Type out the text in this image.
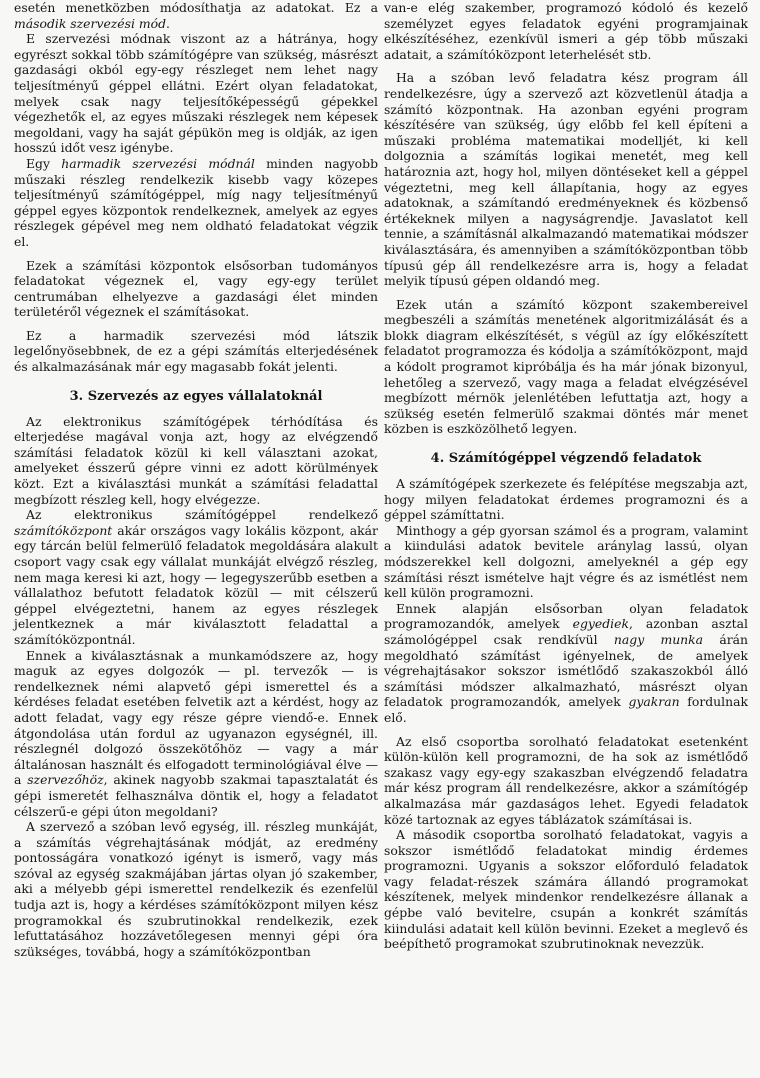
esetén menetközben módosíthatja az adatokat. Ez a második szervezési mód.

E szervezési módnak viszont az a hátránya, hogy egyrészt sokkal több számítógépre van szükség, másrészt gazdasági okból egy-egy részleget nem lehet nagy teljesítményű géppel ellátni. Ezért olyan feladatokat, melyek csak nagy teljesítőképességű gépekkel végezhetők el, az egyes műszaki részlegek nem képesek megoldani, vagy ha saját gépükön meg is oldják, az igen hosszú időt vesz igénybe.

Egy harmadik szervezési módnál minden nagyobb műszaki részleg rendelkezik kisebb vagy közepes teljesítményű számítógéppel, míg nagy teljesítményű géppel egyes központok rendelkeznek, amelyek az egyes részlegek gépével meg nem oldható feladatokat végzik el.

Ezek a számítási központok elsősorban tudományos feladatokat végeznek el, vagy egy-egy terület centrumában elhelyezve a gazdasági élet minden területéről végeznek el számításokat.

Ez a harmadik szervezési mód látszik legelőnyösebbnek, de ez a gépi számítás elterjedésének és alkalmazásának már egy magasabb fokát jelenti.

3. Szervezés az egyes vállalatoknál

Az elektronikus számítógépek térhódítása és elterjedése magával vonja azt, hogy az elvégzendő számítási feladatok közül ki kell választani azokat, amelyeket ésszerű gépre vinni ez adott körülmények közt. Ezt a kiválasztási munkát a számítási feladattal megbízott részleg kell, hogy elvégezze.

Az elektronikus számítógéppel rendelkező számítóközpont akár országos vagy lokális központ, akár egy tárcán belül felmerülő feladatok megoldására alakult csoport vagy csak egy vállalat munkáját elvégző részleg, nem maga keresi ki azt, hogy — legegyszerűbb esetben a vállalathoz befutott feladatok közül — mit célszerű géppel elvégeztetni, hanem az egyes részlegek jelentkeznek a már kiválasztott feladattal a számítóközpontnál.

Ennek a kiválasztásnak a munkamódszere az, hogy maguk az egyes dolgozók — pl. tervezők — is rendelkeznek némi alapvető gépi ismerettel és a kérdéses feladat esetében felvetik azt a kérdést, hogy az adott feladat, vagy egy része gépre viendő-e. Ennek átgondolása után fordul az ugyanazon egységnél, ill. részlegnél dolgozó összekötőhöz — vagy a már általánosan használt és elfogadott terminológiával élve — a szervezőhöz, akinek nagyobb szakmai tapasztalatát és gépi ismeretét felhasználva döntik el, hogy a feladatot célszerű-e gépi úton megoldani?

A szervező a szóban levő egység, ill. részleg munkáját, a számítás végrehajtásának módját, az eredmény pontosságára vonatkozó igényt is ismerő, vagy más szóval az egység szakmájában jártas olyan jó szakember, aki a mélyebb gépi ismerettel rendelkezik és ezenfelül tudja azt is, hogy a kérdéses számítóközpont milyen kész programokkal és szubrutinokkal rendelkezik, ezek lefuttatásához hozzávetőlegesen mennyi gépi óra szükséges, továbbá, hogy a számítóközpontban

van-e elég szakember, programozó kódoló és kezelő személyzet egyes feladatok egyéni programjainak elkészítéséhez, ezenkívül ismeri a gép több műszaki adatait, a számítóközpont leterhelését stb.

Ha a szóban levő feladatra kész program áll rendelkezésre, úgy a szervező azt közvetlenül átadja a számító központnak. Ha azonban egyéni program készítésére van szükség, úgy előbb fel kell építeni a műszaki probléma matematikai modelljét, ki kell dolgoznia a számítás logikai menetét, meg kell határoznia azt, hogy hol, milyen döntéseket kell a géppel végeztetni, meg kell állapítania, hogy az egyes adatoknak, a számítandó eredményeknek és közbenső értékeknek milyen a nagyságrendje. Javaslatot kell tennie, a számításnál alkalmazandó matematikai módszer kiválasztására, és amennyiben a számítóközpontban több típusú gép áll rendelkezésre arra is, hogy a feladat melyik típusú gépen oldandó meg.

Ezek után a számító központ szakembereivel megbeszéli a számítás menetének algoritmizálását és a blokk diagram elkészítését, s végül az így előkészített feladatot programozza és kódolja a számítóközpont, majd a kódolt programot kipróbálja és ha már jónak bizonyul, lehetőleg a szervező, vagy maga a feladat elvégzésével megbízott mérnök jelenlétében lefuttatja azt, hogy a szükség esetén felmerülő szakmai döntés már menet közben is eszközölhető legyen.

4. Számítógéppel végzendő feladatok

A számítógépek szerkezete és felépítése megszabja azt, hogy milyen feladatokat érdemes programozni és a géppel számíttatni.

Minthogy a gép gyorsan számol és a program, valamint a kiindulási adatok bevitele aránylag lassú, olyan módszerekkel kell dolgozni, amelyeknél a gép egy számítási részt ismételve hajt végre és az ismétlést nem kell külön programozni.

Ennek alapján elsősorban olyan feladatok programozandók, amelyek egyediek, azonban asztal számológéppel csak rendkívül nagy munka árán megoldható számítást igényelnek, de amelyek végrehajtásakor sokszor ismétlődő szakaszokból álló számítási módszer alkalmazható, másrészt olyan feladatok programozandók, amelyek gyakran fordulnak elő.

Az első csoportba sorolható feladatokat esetenként külön-külön kell programozni, de ha sok az ismétlődő szakasz vagy egy-egy szakaszban elvégzendő feladatra már kész program áll rendelkezésre, akkor a számítógép alkalmazása már gazdaságos lehet. Egyedi feladatok közé tartoznak az egyes táblázatok számításai is.

A második csoportba sorolható feladatokat, vagyis a sokszor ismétlődő feladatokat mindig érdemes programozni. Ugyanis a sokszor előforduló feladatok vagy feladat-részek számára állandó programokat készítenek, melyek mindenkor rendelkezésre állanak a gépbe való bevitelre, csupán a konkrét számítás kiindulási adatait kell külön bevinni. Ezeket a meglevő és beépíthető programokat szubrutinoknak nevezzük.
